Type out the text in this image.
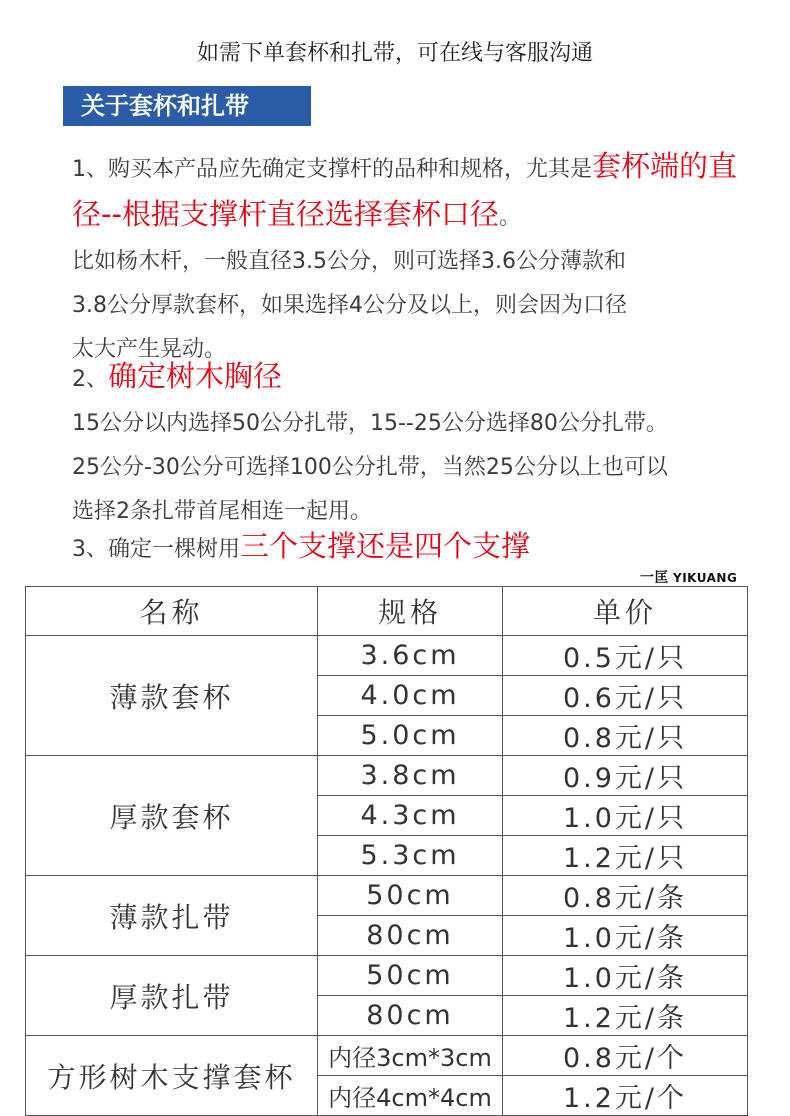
如需下单套杯和扎带，可在线与客服沟通
关于套杯和扎带
1、购买本产品应先确定支撑杆的品种和规格，尤其是套杯端的直径--根据支撑杆直径选择套杯口径。
比如杨木杆，一般直径3.5公分，则可选择3.6公分薄款和
3.8公分厚款套杯，如果选择4公分及以上，则会因为口径
太大产生晃动。
2、确定树木胸径
15公分以内选择50公分扎带，15--25公分选择80公分扎带。
25公分-30公分可选择100公分扎带，当然25公分以上也可以
选择2条扎带首尾相连一起用。
3、确定一棵树用三个支撑还是四个支撑
一匡 YIKUANG
名称	规格	单价
薄款套杯	3.6cm	0.5元/只
	4.0cm	0.6元/只
	5.0cm	0.8元/只
厚款套杯	3.8cm	0.9元/只
	4.3cm	1.0元/只
	5.3cm	1.2元/只
薄款扎带	50cm	0.8元/条
	80cm	1.0元/条
厚款扎带	50cm	1.0元/条
	80cm	1.2元/条
方形树木支撑套杯	内径3cm*3cm	0.8元/个
	内径4cm*4cm	1.2元/个
